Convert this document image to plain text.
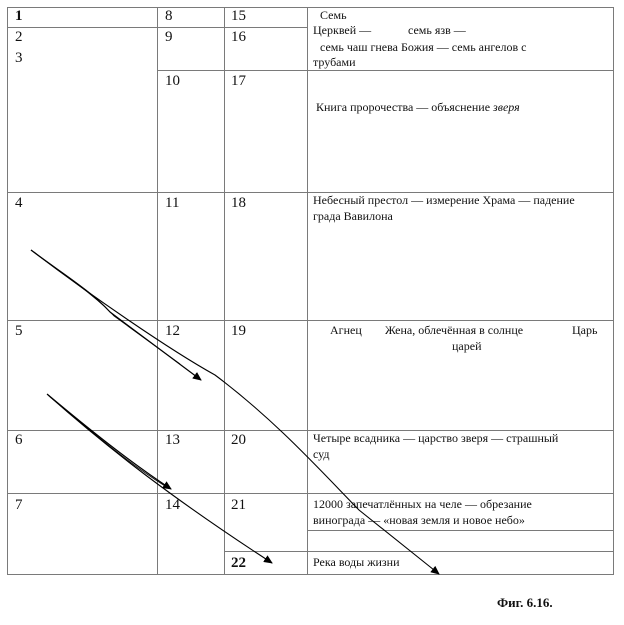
1
2
3
4
5
6
7
8
9
10
11
12
13
14
15
16
17
18
19
20
21
22
Семь
Церквей —	семь язв —
семь чаш гнева Божия — семь ангелов с
трубами
Книга пророчества — объяснение зверя
Небесный престол — измерение Храма — падение
града Вавилона
Агнец Жена, облечённая в солнце	Царь
царей
Четыре всадника — царство зверя — страшный
суд
12000 запечатлённых на челе — обрезание
винограда — «новая земля и новое небо»
Река воды жизни
Фиг. 6.16.
